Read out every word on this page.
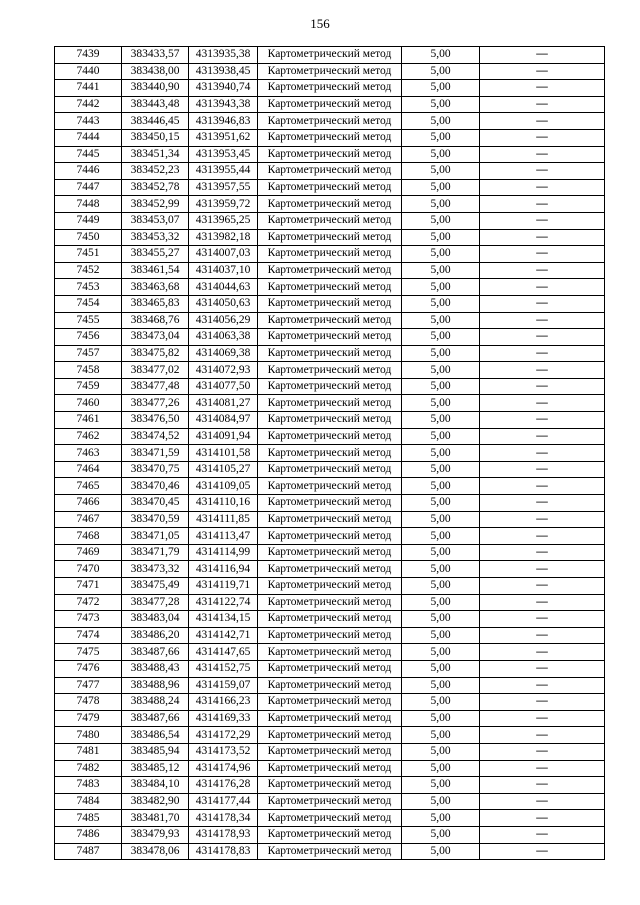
156
7439	383433,57	4313935,38	Картометрический метод	5,00	—
7440	383438,00	4313938,45	Картометрический метод	5,00	—
7441	383440,90	4313940,74	Картометрический метод	5,00	—
7442	383443,48	4313943,38	Картометрический метод	5,00	—
7443	383446,45	4313946,83	Картометрический метод	5,00	—
7444	383450,15	4313951,62	Картометрический метод	5,00	—
7445	383451,34	4313953,45	Картометрический метод	5,00	—
7446	383452,23	4313955,44	Картометрический метод	5,00	—
7447	383452,78	4313957,55	Картометрический метод	5,00	—
7448	383452,99	4313959,72	Картометрический метод	5,00	—
7449	383453,07	4313965,25	Картометрический метод	5,00	—
7450	383453,32	4313982,18	Картометрический метод	5,00	—
7451	383455,27	4314007,03	Картометрический метод	5,00	—
7452	383461,54	4314037,10	Картометрический метод	5,00	—
7453	383463,68	4314044,63	Картометрический метод	5,00	—
7454	383465,83	4314050,63	Картометрический метод	5,00	—
7455	383468,76	4314056,29	Картометрический метод	5,00	—
7456	383473,04	4314063,38	Картометрический метод	5,00	—
7457	383475,82	4314069,38	Картометрический метод	5,00	—
7458	383477,02	4314072,93	Картометрический метод	5,00	—
7459	383477,48	4314077,50	Картометрический метод	5,00	—
7460	383477,26	4314081,27	Картометрический метод	5,00	—
7461	383476,50	4314084,97	Картометрический метод	5,00	—
7462	383474,52	4314091,94	Картометрический метод	5,00	—
7463	383471,59	4314101,58	Картометрический метод	5,00	—
7464	383470,75	4314105,27	Картометрический метод	5,00	—
7465	383470,46	4314109,05	Картометрический метод	5,00	—
7466	383470,45	4314110,16	Картометрический метод	5,00	—
7467	383470,59	4314111,85	Картометрический метод	5,00	—
7468	383471,05	4314113,47	Картометрический метод	5,00	—
7469	383471,79	4314114,99	Картометрический метод	5,00	—
7470	383473,32	4314116,94	Картометрический метод	5,00	—
7471	383475,49	4314119,71	Картометрический метод	5,00	—
7472	383477,28	4314122,74	Картометрический метод	5,00	—
7473	383483,04	4314134,15	Картометрический метод	5,00	—
7474	383486,20	4314142,71	Картометрический метод	5,00	—
7475	383487,66	4314147,65	Картометрический метод	5,00	—
7476	383488,43	4314152,75	Картометрический метод	5,00	—
7477	383488,96	4314159,07	Картометрический метод	5,00	—
7478	383488,24	4314166,23	Картометрический метод	5,00	—
7479	383487,66	4314169,33	Картометрический метод	5,00	—
7480	383486,54	4314172,29	Картометрический метод	5,00	—
7481	383485,94	4314173,52	Картометрический метод	5,00	—
7482	383485,12	4314174,96	Картометрический метод	5,00	—
7483	383484,10	4314176,28	Картометрический метод	5,00	—
7484	383482,90	4314177,44	Картометрический метод	5,00	—
7485	383481,70	4314178,34	Картометрический метод	5,00	—
7486	383479,93	4314178,93	Картометрический метод	5,00	—
7487	383478,06	4314178,83	Картометрический метод	5,00	—
